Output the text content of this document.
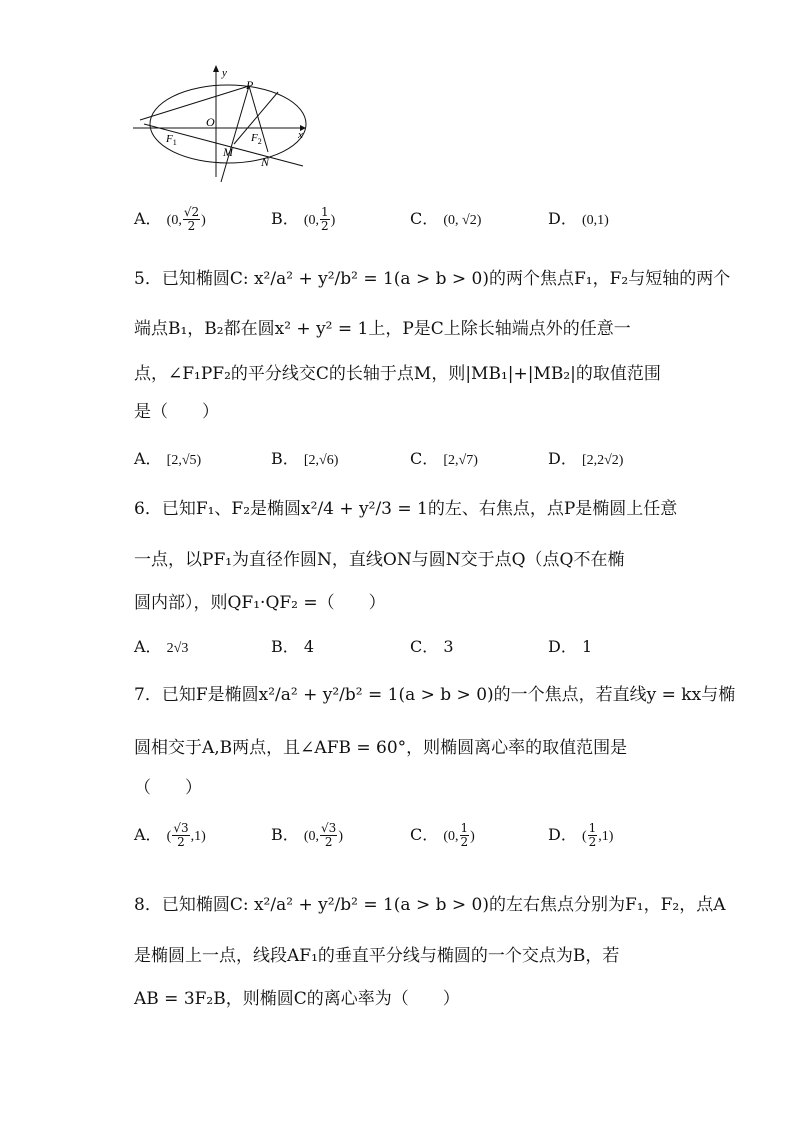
y
P
O
x
$F_1$	$F_2$
M
N
A． (0, $\frac{√2}{2}$ )	B． (0, $\frac{1}{2}$ )	C． (0, √2)	D． (0,1)
5．已知椭圆C: x²/a² + y²/b² = 1(a > b > 0)的两个焦点F₁，F₂与短轴的两个
端点B₁，B₂都在圆x² + y² = 1上，P是C上除长轴端点外的任意一
点，∠F₁PF₂的平分线交C的长轴于点M，则|MB₁|+|MB₂|的取值范围
是（　　）
A． [2,√5)	B． [2,√6)	C． [2,√7)	D． [2,2√2)
6．已知F₁、F₂是椭圆x²/4 + y²/3 = 1的左、右焦点，点P是椭圆上任意
一点，以PF₁为直径作圆N，直线ON与圆N交于点Q（点Q不在椭
圆内部），则QF₁·QF₂ =（　　）
A． 2√3	B． 4	C． 3	D． 1
7．已知F是椭圆x²/a² + y²/b² = 1(a > b > 0)的一个焦点，若直线y = kx与椭
圆相交于A,B两点，且∠AFB = 60°，则椭圆离心率的取值范围是
（　　）
A． ( $\frac{√3}{2} ,1$)	B． (0, $\frac{√3}{2}$ )	C． (0, $\frac{1}{2}$ )	D． ( $\frac{1}{2} ,1$)
8．已知椭圆C: x²/a² + y²/b² = 1(a > b > 0)的左右焦点分别为F₁，F₂，点A
是椭圆上一点，线段AF₁的垂直平分线与椭圆的一个交点为B，若
AB = 3F₂B，则椭圆C的离心率为（　　）
